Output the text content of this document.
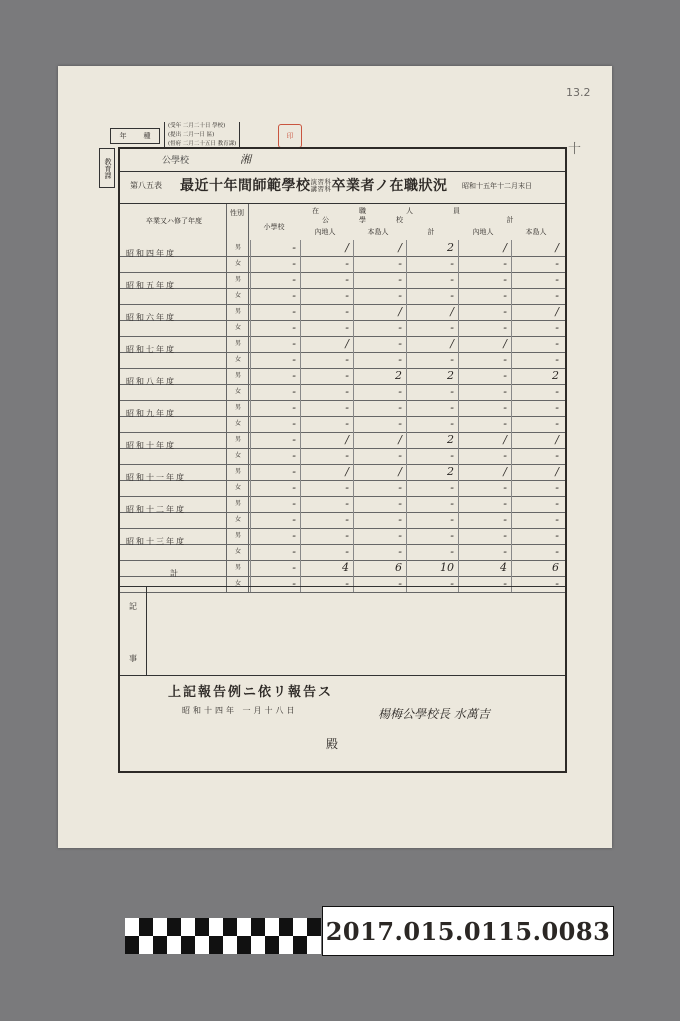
13.2
十
年 種
(受年 二月二十日 學校)
(提出 二月一日 區)
(督府 二月二十五日 教育課)
印
教育課	公學校	湘
第八五表 最近十年間師範學校演習科
講習科卒業者ノ在職狀況 昭和十五年十二月末日
卒業又ハ修了年度
性別	在職人員
小學校
公學校	計
內地人	本島人	計	內地人	本島人
昭和四年度
男	-	/	/	2	/	/
女	-	-	-	-	-	-
昭和五年度
男	-	-	-	-	-	-
女	-	-	-	-	-	-
昭和六年度
男	-	-	/	/	-	/
女	-	-	-	-	-	-
昭和七年度
男	-	/	-	/	/	-
女	-	-	-	-	-	-
昭和八年度
男	-	-	2	2	-	2
女	-	-	-	-	-	-
昭和九年度
男	-	-	-	-	-	-
女	-	-	-	-	-	-
昭和十年度
男	-	/	/	2	/	/
女	-	-	-	-	-	-
昭和十一年度
男	-	/	/	2	/	/
女	-	-	-	-	-	-
昭和十二年度
男	-	-	-	-	-	-
女	-	-	-	-	-	-
昭和十三年度
男	-	-	-	-	-	-
女	-	-	-	-	-	-
計
男	-	4	6	10	4	6
女	-	-	-	-	-	-
記
事
上記報告例ニ依リ報告ス
昭和十四年 一月十八日	楊梅公學校長 水萬吉
殿
2017.015.0115.0083
